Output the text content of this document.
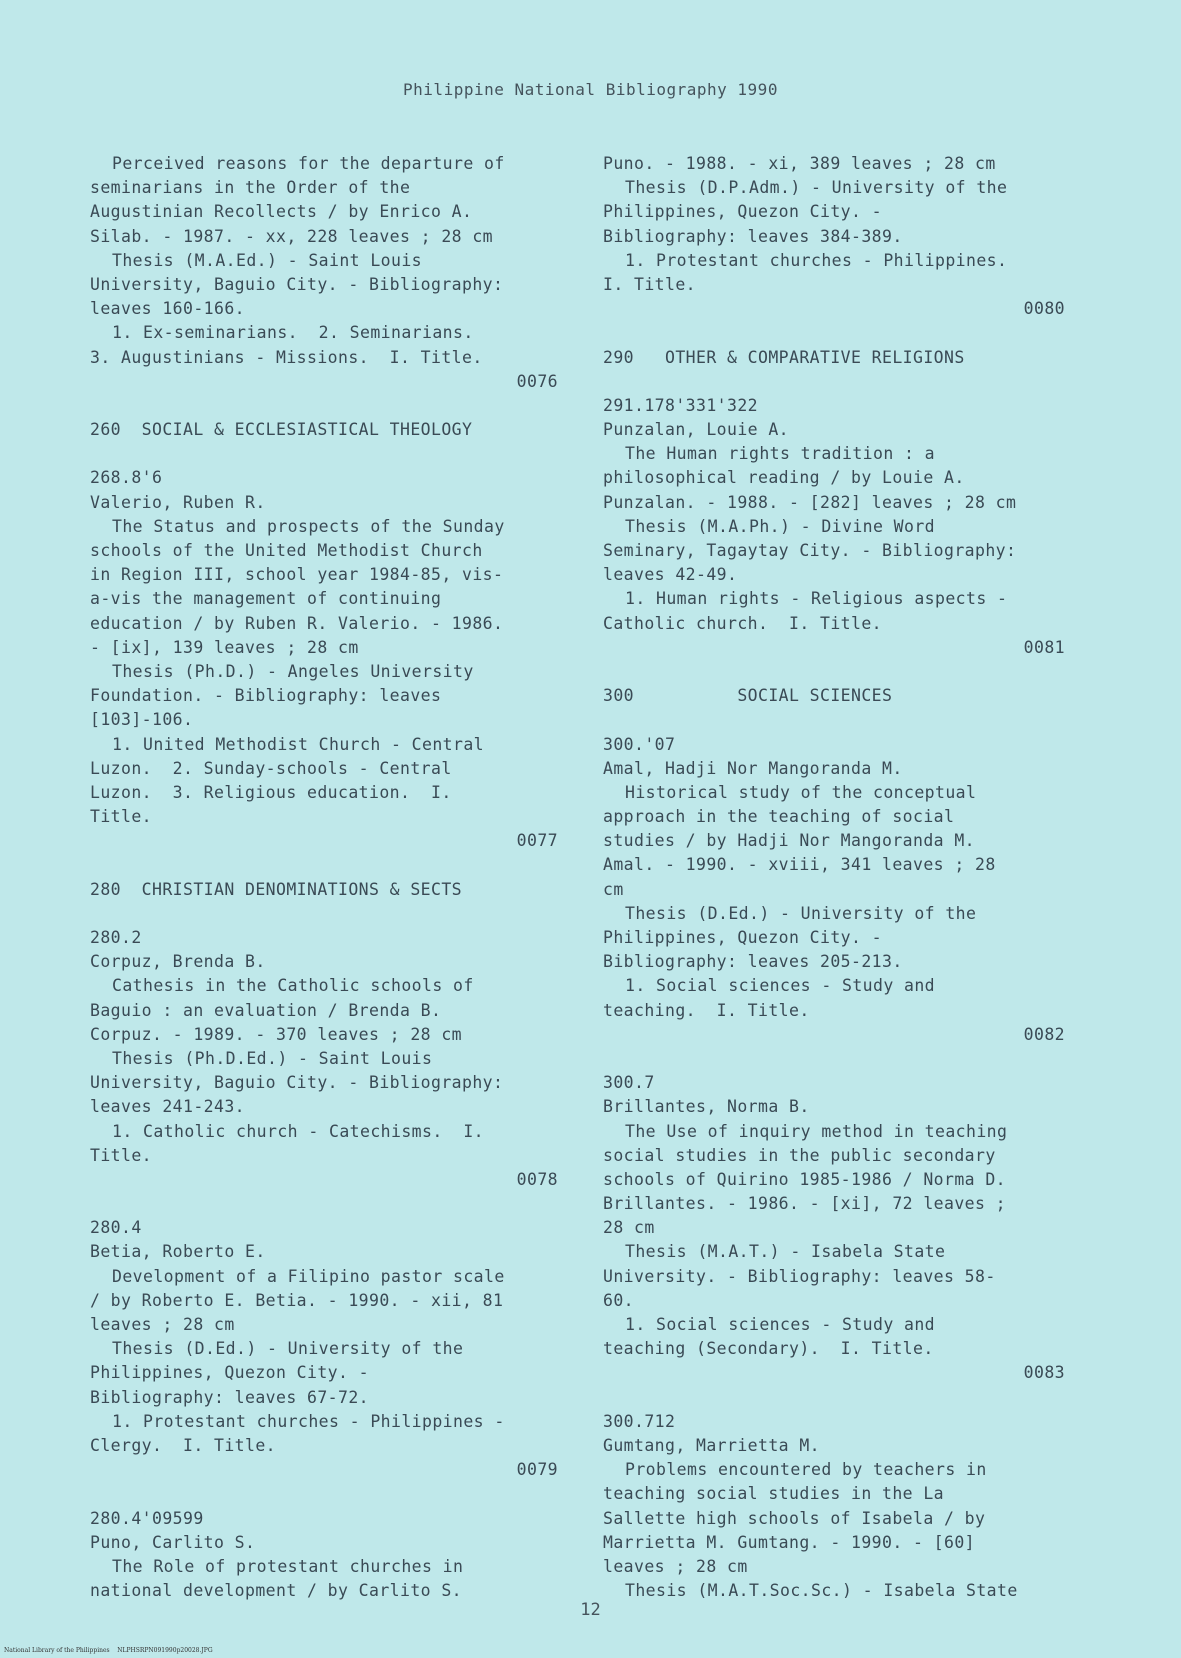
Philippine National Bibliography 1990
Perceived reasons for the departure of
seminarians in the Order of the
Augustinian Recollects / by Enrico A.
Silab. - 1987. - xx, 228 leaves ; 28 cm
Thesis (M.A.Ed.) - Saint Louis
University, Baguio City. - Bibliography:
leaves 160-166.
1. Ex-seminarians.  2. Seminarians.
3. Augustinians - Missions.  I. Title.
0076
260  SOCIAL & ECCLESIASTICAL THEOLOGY
268.8'6
Valerio, Ruben R.
The Status and prospects of the Sunday
schools of the United Methodist Church
in Region III, school year 1984-85, vis-
a-vis the management of continuing
education / by Ruben R. Valerio. - 1986.
- [ix], 139 leaves ; 28 cm
Thesis (Ph.D.) - Angeles University
Foundation. - Bibliography: leaves
[103]-106.
1. United Methodist Church - Central
Luzon.  2. Sunday-schools - Central
Luzon.  3. Religious education.  I.
Title.
0077
280  CHRISTIAN DENOMINATIONS & SECTS
280.2
Corpuz, Brenda B.
Cathesis in the Catholic schools of
Baguio : an evaluation / Brenda B.
Corpuz. - 1989. - 370 leaves ; 28 cm
Thesis (Ph.D.Ed.) - Saint Louis
University, Baguio City. - Bibliography:
leaves 241-243.
1. Catholic church - Catechisms.  I.
Title.
0078
280.4
Betia, Roberto E.
Development of a Filipino pastor scale
/ by Roberto E. Betia. - 1990. - xii, 81
leaves ; 28 cm
Thesis (D.Ed.) - University of the
Philippines, Quezon City. -
Bibliography: leaves 67-72.
1. Protestant churches - Philippines -
Clergy.  I. Title.
0079
280.4'09599
Puno, Carlito S.
The Role of protestant churches in
national development / by Carlito S.
Puno. - 1988. - xi, 389 leaves ; 28 cm
Thesis (D.P.Adm.) - University of the
Philippines, Quezon City. -
Bibliography: leaves 384-389.
1. Protestant churches - Philippines.
I. Title.
0080
290   OTHER & COMPARATIVE RELIGIONS
291.178'331'322
Punzalan, Louie A.
The Human rights tradition : a
philosophical reading / by Louie A.
Punzalan. - 1988. - [282] leaves ; 28 cm
Thesis (M.A.Ph.) - Divine Word
Seminary, Tagaytay City. - Bibliography:
leaves 42-49.
1. Human rights - Religious aspects -
Catholic church.  I. Title.
0081
300          SOCIAL SCIENCES
300.'07
Amal, Hadji Nor Mangoranda M.
Historical study of the conceptual
approach in the teaching of social
studies / by Hadji Nor Mangoranda M.
Amal. - 1990. - xviii, 341 leaves ; 28
cm
Thesis (D.Ed.) - University of the
Philippines, Quezon City. -
Bibliography: leaves 205-213.
1. Social sciences - Study and
teaching.  I. Title.
0082
300.7
Brillantes, Norma B.
The Use of inquiry method in teaching
social studies in the public secondary
schools of Quirino 1985-1986 / Norma D.
Brillantes. - 1986. - [xi], 72 leaves ;
28 cm
Thesis (M.A.T.) - Isabela State
University. - Bibliography: leaves 58-
60.
1. Social sciences - Study and
teaching (Secondary).  I. Title.
0083
300.712
Gumtang, Marrietta M.
Problems encountered by teachers in
teaching social studies in the La
Sallette high schools of Isabela / by
Marrietta M. Gumtang. - 1990. - [60]
leaves ; 28 cm
Thesis (M.A.T.Soc.Sc.) - Isabela State
12
National Library of the Philippines    NLPHSRPN091990p20028.JPG
